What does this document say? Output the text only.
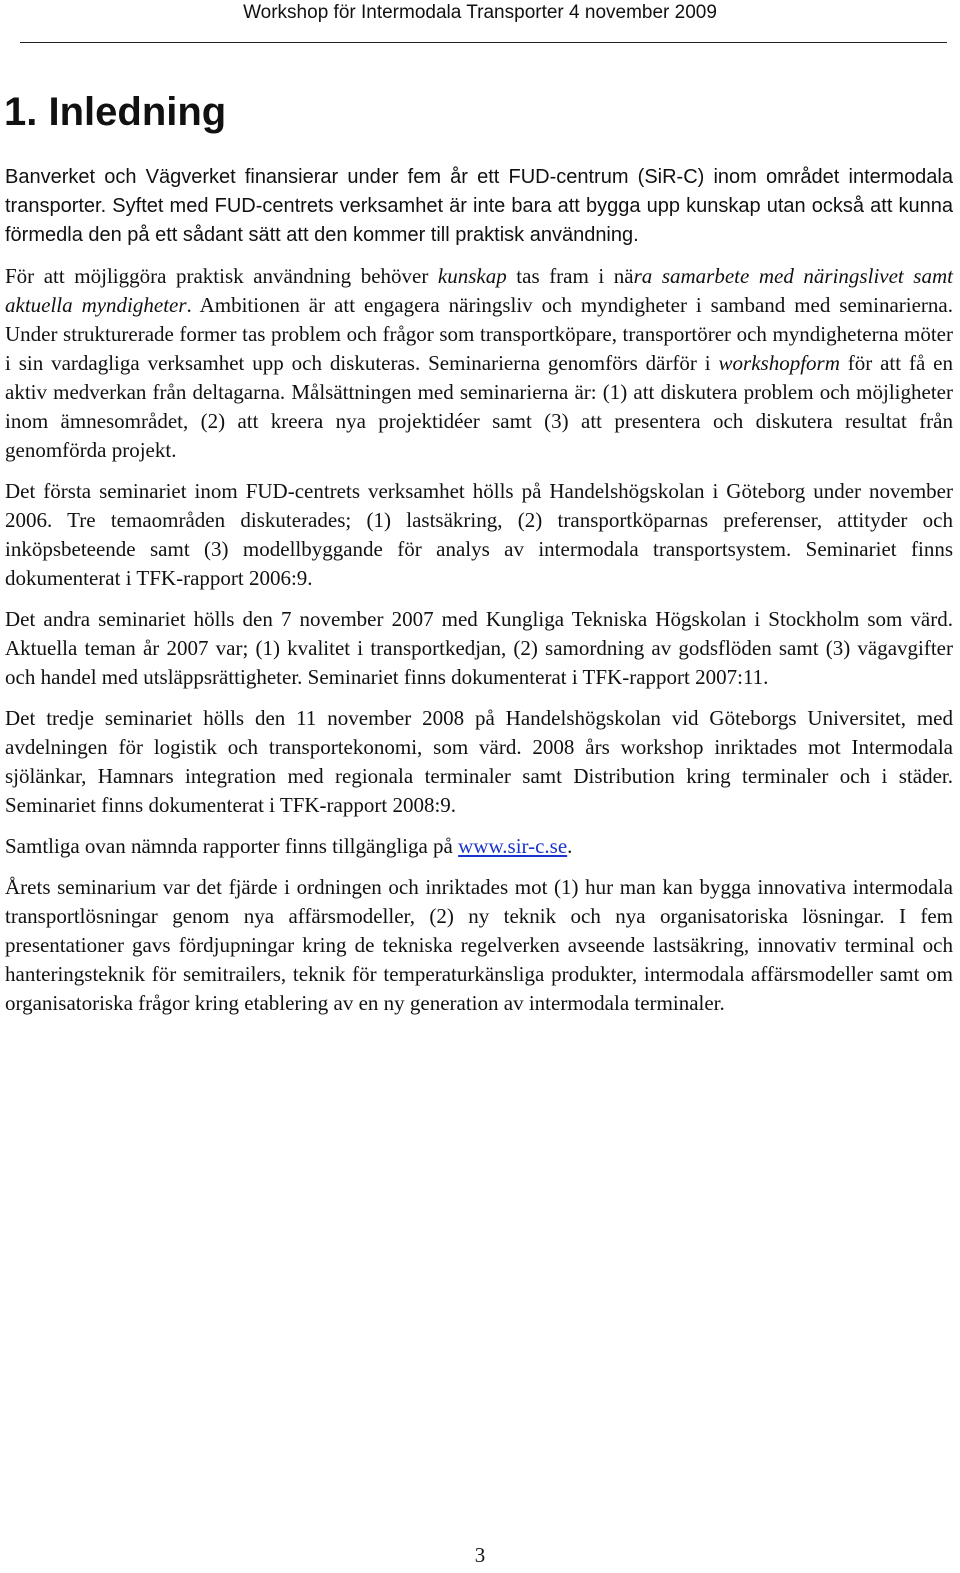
Workshop för Intermodala Transporter 4 november 2009
1. Inledning

Banverket och Vägverket finansierar under fem år ett FUD-centrum (SiR-C) inom området intermodala transporter. Syftet med FUD-centrets verksamhet är inte bara att bygga upp kunskap utan också att kunna förmedla den på ett sådant sätt att den kommer till praktisk användning.

För att möjliggöra praktisk användning behöver kunskap tas fram i nära samarbete med näringslivet samt aktuella myndigheter. Ambitionen är att engagera näringsliv och myndigheter i samband med seminarierna. Under strukturerade former tas problem och frågor som transportköpare, transportörer och myndigheterna möter i sin vardagliga verksamhet upp och diskuteras. Seminarierna genomförs därför i workshopform för att få en aktiv medverkan från deltagarna. Målsättningen med seminarierna är: (1) att diskutera problem och möjligheter inom ämnesområdet, (2) att kreera nya projektidéer samt (3) att presentera och diskutera resultat från genomförda projekt.

Det första seminariet inom FUD-centrets verksamhet hölls på Handelshögskolan i Göteborg under november 2006. Tre temaområden diskuterades; (1) lastsäkring, (2) transportköparnas preferenser, attityder och inköpsbeteende samt (3) modellbyggande för analys av intermodala transportsystem. Seminariet finns dokumenterat i TFK-rapport 2006:9.

Det andra seminariet hölls den 7 november 2007 med Kungliga Tekniska Högskolan i Stockholm som värd. Aktuella teman år 2007 var; (1) kvalitet i transportkedjan, (2) samordning av godsflöden samt (3) vägavgifter och handel med utsläppsrättigheter. Seminariet finns dokumenterat i TFK-rapport 2007:11.

Det tredje seminariet hölls den 11 november 2008 på Handelshögskolan vid Göteborgs Universitet, med avdelningen för logistik och transportekonomi, som värd. 2008 års workshop inriktades mot Intermodala sjölänkar, Hamnars integration med regionala terminaler samt Distribution kring terminaler och i städer. Seminariet finns dokumenterat i TFK-rapport 2008:9.

Samtliga ovan nämnda rapporter finns tillgängliga på www.sir-c.se.

Årets seminarium var det fjärde i ordningen och inriktades mot (1) hur man kan bygga innovativa intermodala transportlösningar genom nya affärsmodeller, (2) ny teknik och nya organisatoriska lösningar. I fem presentationer gavs fördjupningar kring de tekniska regelverken avseende lastsäkring, innovativ terminal och hanteringsteknik för semitrailers, teknik för temperaturkänsliga produkter, intermodala affärsmodeller samt om organisatoriska frågor kring etablering av en ny generation av intermodala terminaler.

3
